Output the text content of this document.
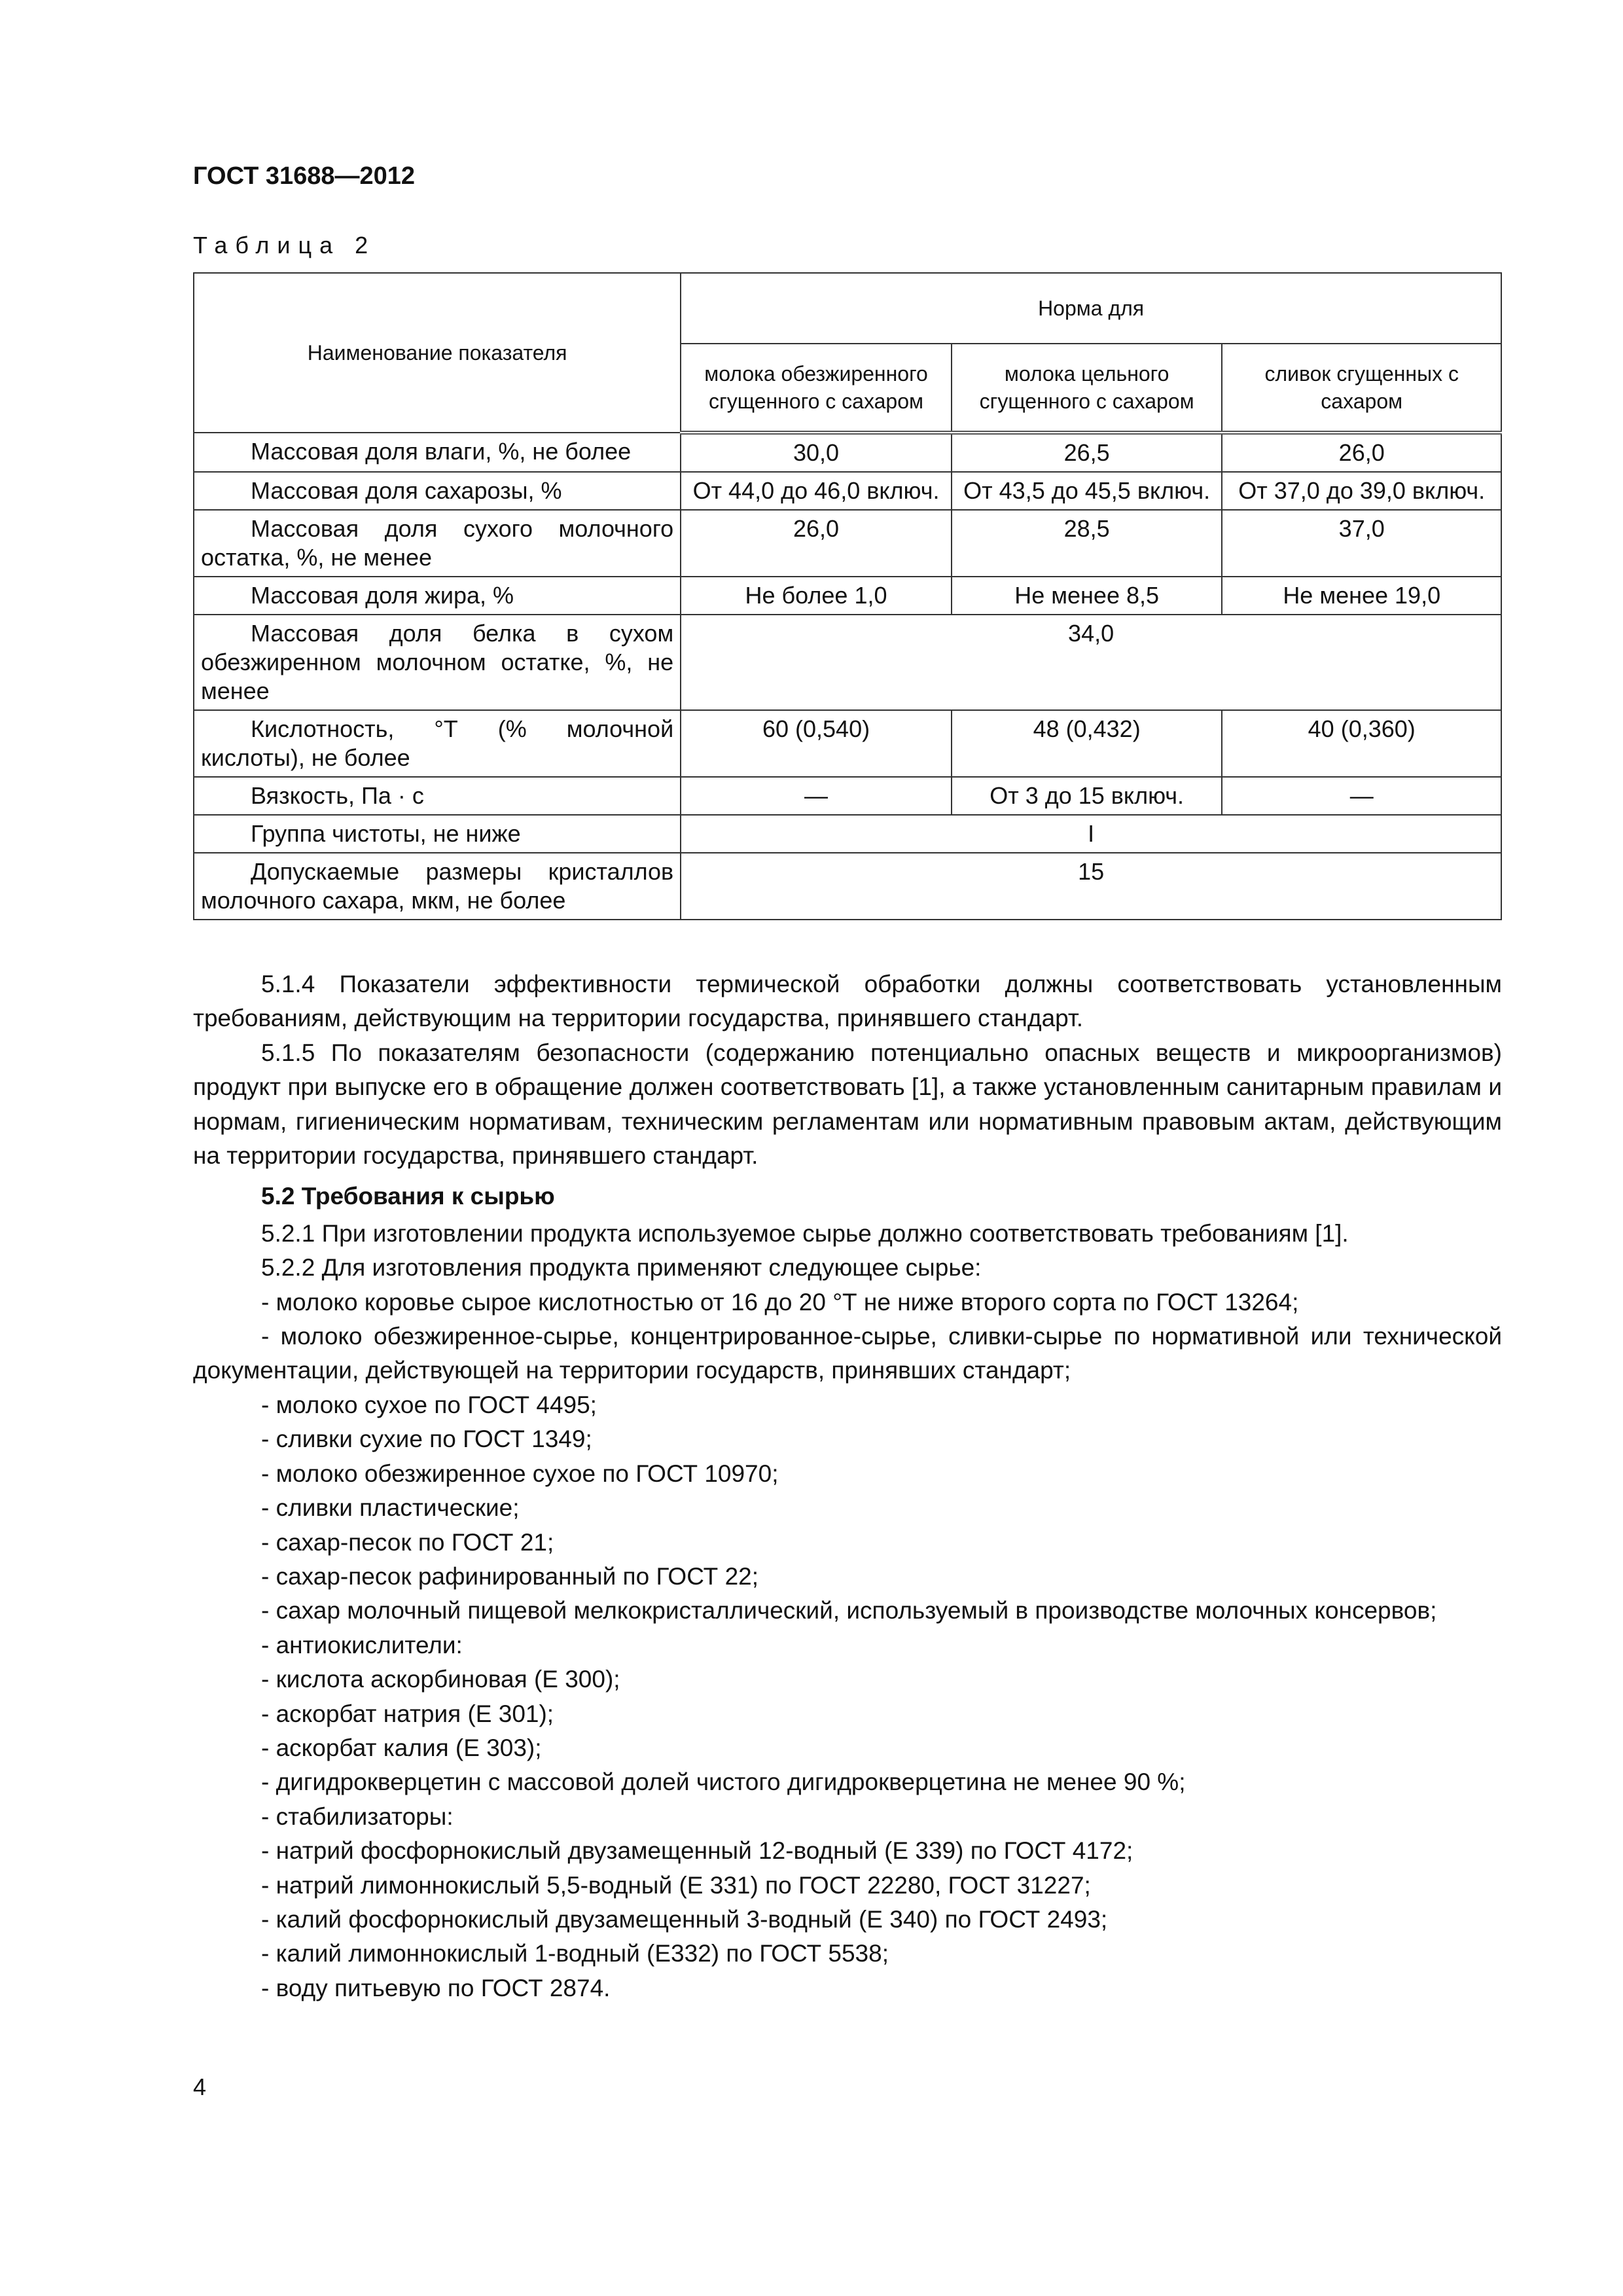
ГОСТ 31688—2012
Таблица 2
Наименование показателя	Норма для		
	молока обезжиренного сгущенного с сахаром	молока цельного сгущенного с сахаром	сливок сгущенных с сахаром
Массовая доля влаги, %, не более	30,0	26,5	26,0
Массовая доля сахарозы, %	От 44,0 до 46,0 включ.	От 43,5 до 45,5 включ.	От 37,0 до 39,0 включ.
Массовая доля сухого молочного остатка, %, не менее	26,0	28,5	37,0
Массовая доля жира, %	Не более 1,0	Не менее 8,5	Не менее 19,0
Массовая доля белка в сухом обезжиренном молочном остатке, %, не менее	34,0		
Кислотность, °Т (% молочной кислоты), не более	60 (0,540)	48 (0,432)	40 (0,360)
Вязкость, Па · с	—	От 3 до 15 включ.	—
Группа чистоты, не ниже	I		
Допускаемые размеры кристаллов молочного сахара, мкм, не более	15		

5.1.4 Показатели эффективности термической обработки должны соответствовать установленным требованиям, действующим на территории государства, принявшего стандарт.

5.1.5 По показателям безопасности (содержанию потенциально опасных веществ и микроорганизмов) продукт при выпуске его в обращение должен соответствовать [1], а также установленным санитарным правилам и нормам, гигиеническим нормативам, техническим регламентам или нормативным правовым актам, действующим на территории государства, принявшего стандарт.

5.2 Требования к сырью

5.2.1 При изготовлении продукта используемое сырье должно соответствовать требованиям [1].

5.2.2 Для изготовления продукта применяют следующее сырье:

- молоко коровье сырое кислотностью от 16 до 20 °Т не ниже второго сорта по ГОСТ 13264;

- молоко обезжиренное-сырье, концентрированное-сырье, сливки-сырье по нормативной или технической документации, действующей на территории государств, принявших стандарт;

- молоко сухое по ГОСТ 4495;

- сливки сухие по ГОСТ 1349;

- молоко обезжиренное сухое по ГОСТ 10970;

- сливки пластические;

- сахар-песок по ГОСТ 21;

- сахар-песок рафинированный по ГОСТ 22;

- сахар молочный пищевой мелкокристаллический, используемый в производстве молочных консервов;

- антиокислители:

- кислота аскорбиновая (Е 300);

- аскорбат натрия (Е 301);

- аскорбат калия (Е 303);

- дигидрокверцетин с массовой долей чистого дигидрокверцетина не менее 90 %;

- стабилизаторы:

- натрий фосфорнокислый двузамещенный 12-водный (Е 339) по ГОСТ 4172;

- натрий лимоннокислый 5,5-водный (Е 331) по ГОСТ 22280, ГОСТ 31227;

- калий фосфорнокислый двузамещенный 3-водный (Е 340) по ГОСТ 2493;

- калий лимоннокислый 1-водный (Е332) по ГОСТ 5538;

- воду питьевую по ГОСТ 2874.

4
